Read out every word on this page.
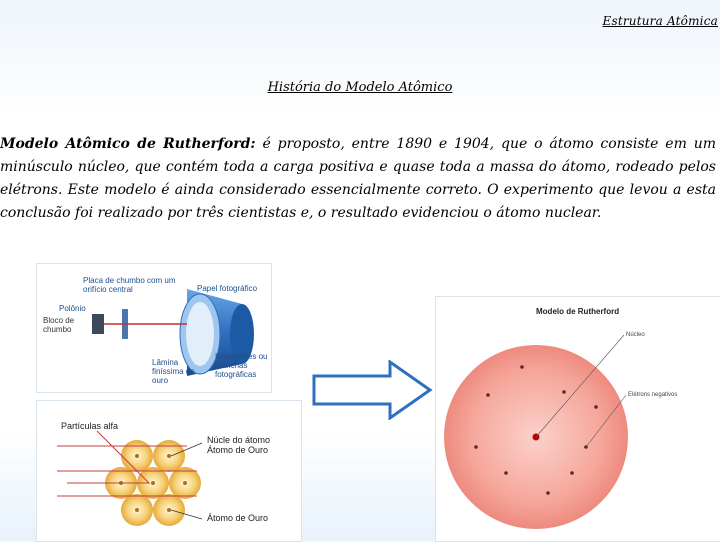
Estrutura Atômica
História do Modelo Atômico
Modelo Atômico de Rutherford: é proposto, entre 1890 e 1904, que o átomo consiste em um minúsculo núcleo, que contém toda a carga positiva e quase toda a massa do átomo, rodeado pelos elétrons. Este modelo é ainda considerado essencialmente correto. O experimento que levou a esta conclusão foi realizado por três cientistas e, o resultado evidenciou o átomo nuclear.
Placa de chumbo com um orifício central	Papel fotográfico
Polônio
Bloco de chumbo
Lâmina finíssima de ouro
Impressões ou manchas fotográficas
Partículas alfa
Núcle do átomo Átomo de Ouro
Átomo de Ouro
Modelo de Rutherford
Núcleo
Elétrons negativos
